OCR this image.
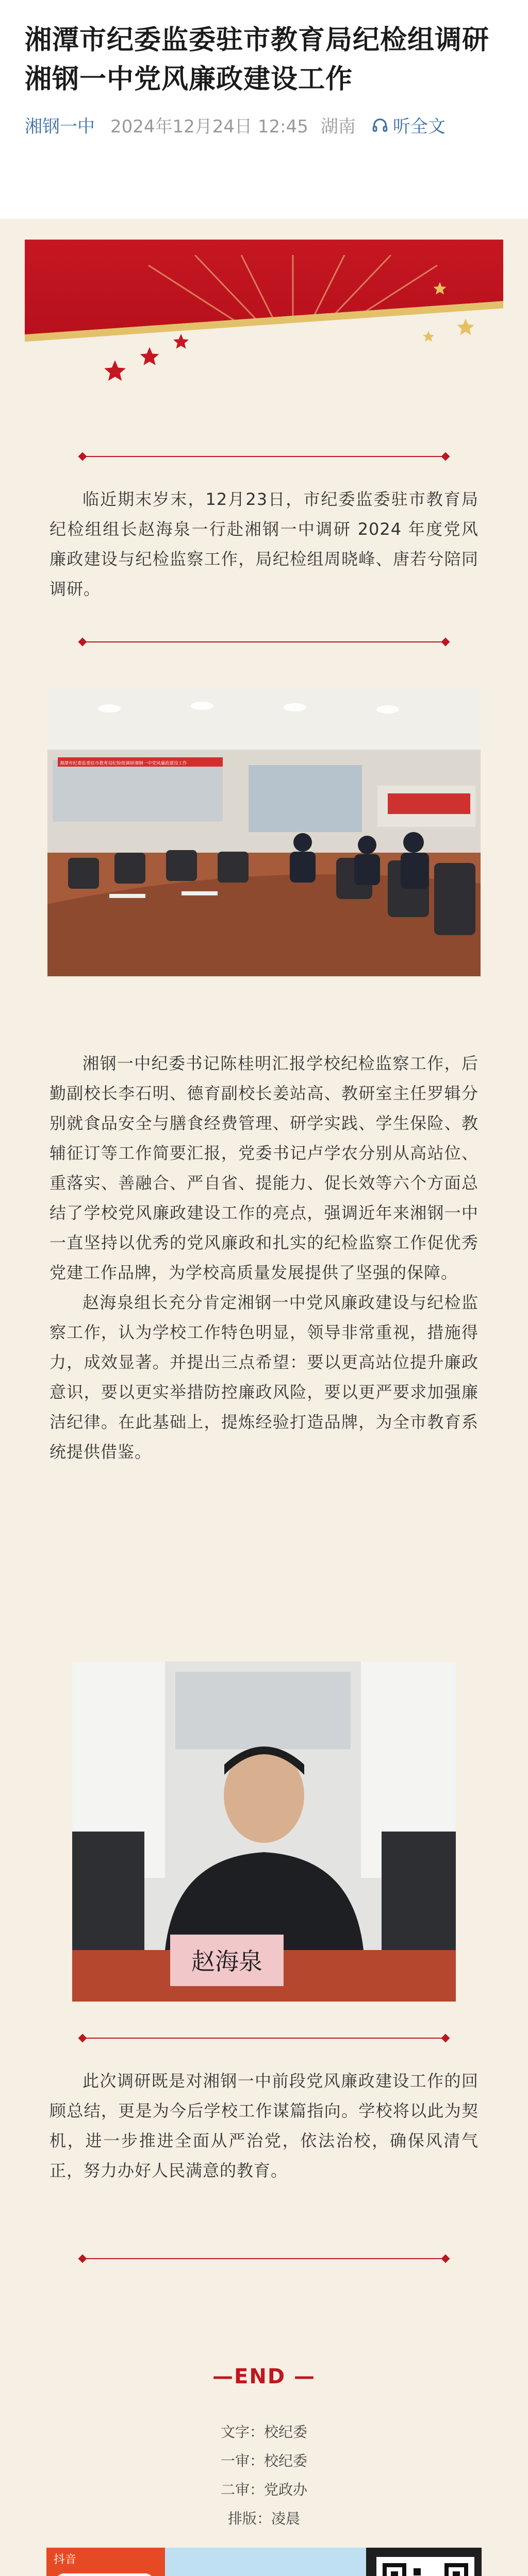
湘潭市纪委监委驻市教育局纪检组调研湘钢一中党风廉政建设工作
湘钢一中 2024年12月24日 12:45 湖南 听全文

临近期末岁末，12月23日，市纪委监委驻市教育局纪检组组长赵海泉一行赴湘钢一中调研 2024 年度党风廉政建设与纪检监察工作，局纪检组周晓峰、唐若兮陪同调研。

湘潭市纪委监委驻市教育局纪检组调研湘钢一中党风廉政建设工作

湘钢一中纪委书记陈桂明汇报学校纪检监察工作，后勤副校长李石明、德育副校长姜站高、教研室主任罗辑分别就食品安全与膳食经费管理、研学实践、学生保险、教辅征订等工作简要汇报，党委书记卢学农分别从高站位、重落实、善融合、严自省、提能力、促长效等六个方面总结了学校党风廉政建设工作的亮点，强调近年来湘钢一中一直坚持以优秀的党风廉政和扎实的纪检监察工作促优秀党建工作品牌，为学校高质量发展提供了坚强的保障。

赵海泉组长充分肯定湘钢一中党风廉政建设与纪检监察工作，认为学校工作特色明显，领导非常重视，措施得力，成效显著。并提出三点希望：要以更高站位提升廉政意识，要以更实举措防控廉政风险，要以更严要求加强廉洁纪律。在此基础上，提炼经验打造品牌，为全市教育系统提供借鉴。

赵海泉

此次调研既是对湘钢一中前段党风廉政建设工作的回顾总结，更是为今后学校工作谋篇指向。学校将以此为契机，进一步推进全面从严治党，依法治校，确保风清气正，努力办好人民满意的教育。

—END —
文字：校纪委
一审：校纪委
二审：党政办
排版：凌晨
抖音
